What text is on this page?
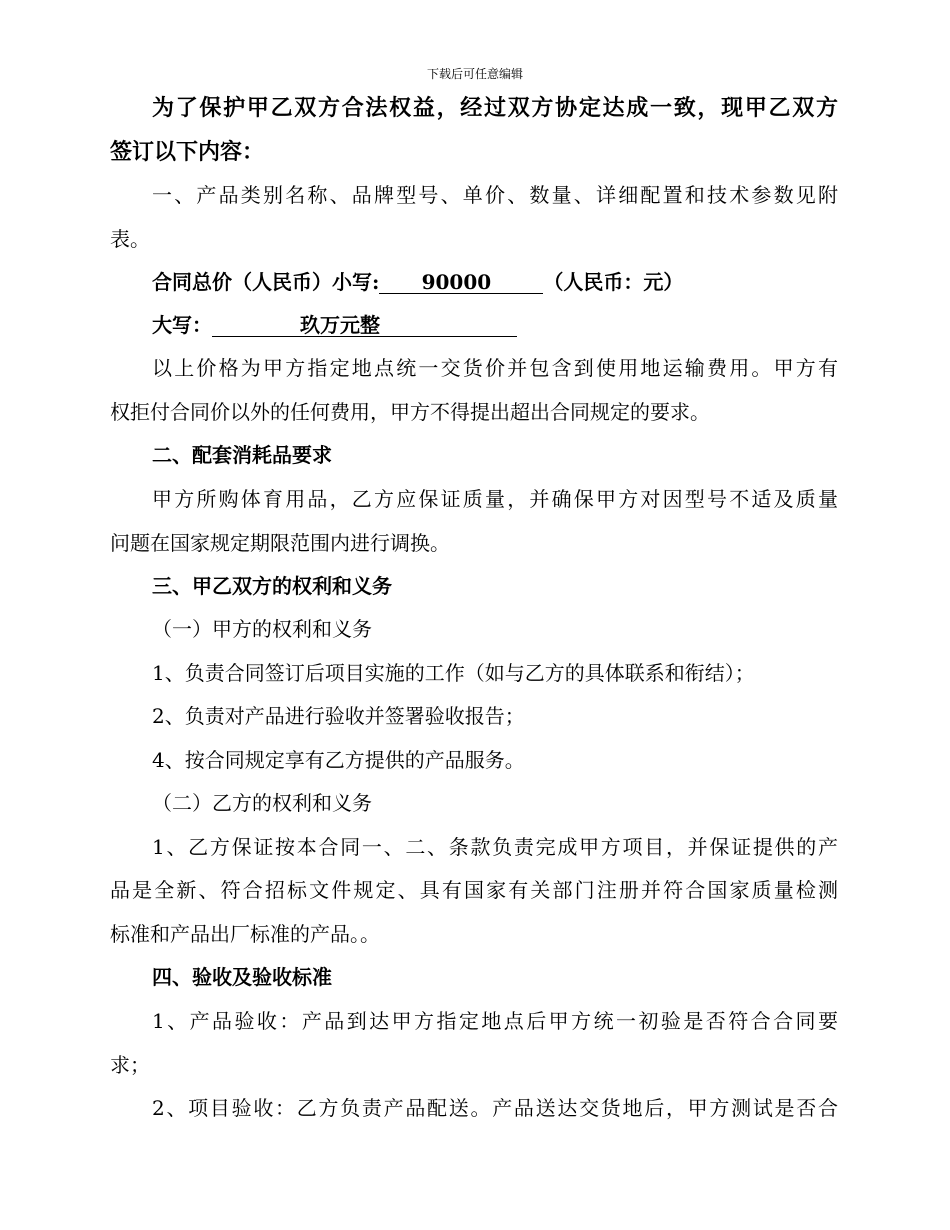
下载后可任意编辑
为了保护甲乙双方合法权益，经过双方协定达成一致，现甲乙双方
签订以下内容：
一、产品类别名称、品牌型号、单价、数量、详细配置和技术参数见附
表。
合同总价（人民币）小写: 90000	（人民币：元）
大写：	玖万元整
以上价格为甲方指定地点统一交货价并包含到使用地运输费用。甲方有
权拒付合同价以外的任何费用，甲方不得提出超出合同规定的要求。
二、配套消耗品要求
甲方所购体育用品，乙方应保证质量，并确保甲方对因型号不适及质量
问题在国家规定期限范围内进行调换。
三、甲乙双方的权利和义务
（一）甲方的权利和义务
1、负责合同签订后项目实施的工作（如与乙方的具体联系和衔结）；
2、负责对产品进行验收并签署验收报告；
4、按合同规定享有乙方提供的产品服务。
（二）乙方的权利和义务
1、乙方保证按本合同一、二、条款负责完成甲方项目，并保证提供的产
品是全新、符合招标文件规定、具有国家有关部门注册并符合国家质量检测
标准和产品出厂标准的产品。。
四、验收及验收标准
1、产品验收：产品到达甲方指定地点后甲方统一初验是否符合合同要
求；
2、项目验收：乙方负责产品配送。产品送达交货地后，甲方测试是否合
